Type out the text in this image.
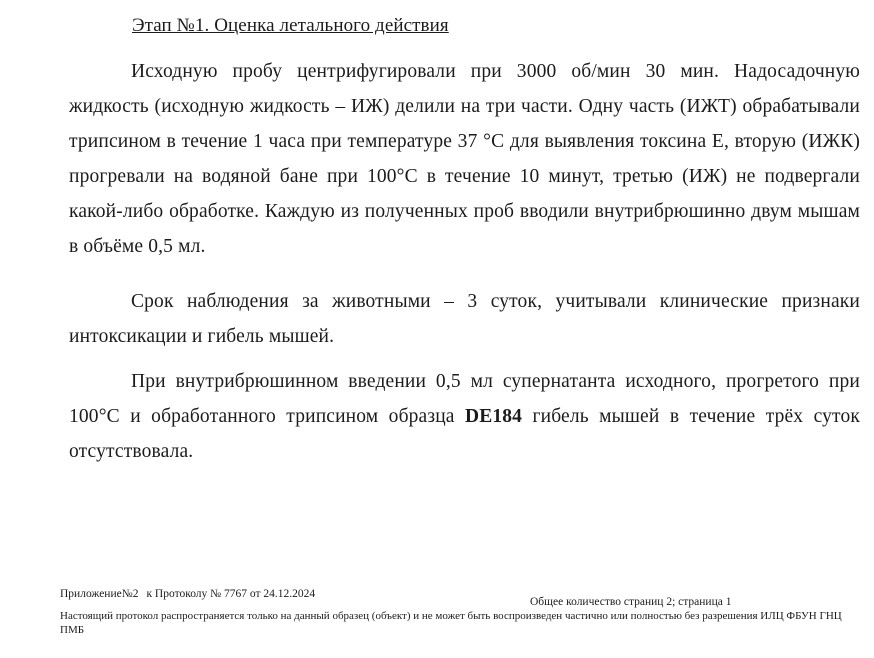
Этап №1. Оценка летального действия

Исходную пробу центрифугировали при 3000 об/мин 30 мин. Надосадочную жидкость (исходную жидкость – ИЖ) делили на три части. Одну часть (ИЖТ) обрабатывали трипсином в течение 1 часа при температуре 37 °С для выявления токсина Е, вторую (ИЖК) прогревали на водяной бане при 100°С в течение 10 минут, третью (ИЖ) не подвергали какой-либо обработке. Каждую из полученных проб вводили внутрибрюшинно двум мышам в объёме 0,5 мл.

Срок наблюдения за животными – 3 суток, учитывали клинические признаки интоксикации и гибель мышей.

При внутрибрюшинном введении 0,5 мл супернатанта исходного, прогретого при 100°С и обработанного трипсином образца DE184 гибель мышей в течение трёх суток отсутствовала.

Приложение№2 к Протоколу № 7767 от 24.12.2024
Общее количество страниц 2; страница 1
Настоящий протокол распространяется только на данный образец (объект) и не может быть воспроизведен частично или полностью без разрешения ИЛЦ ФБУН ГНЦ ПМБ
